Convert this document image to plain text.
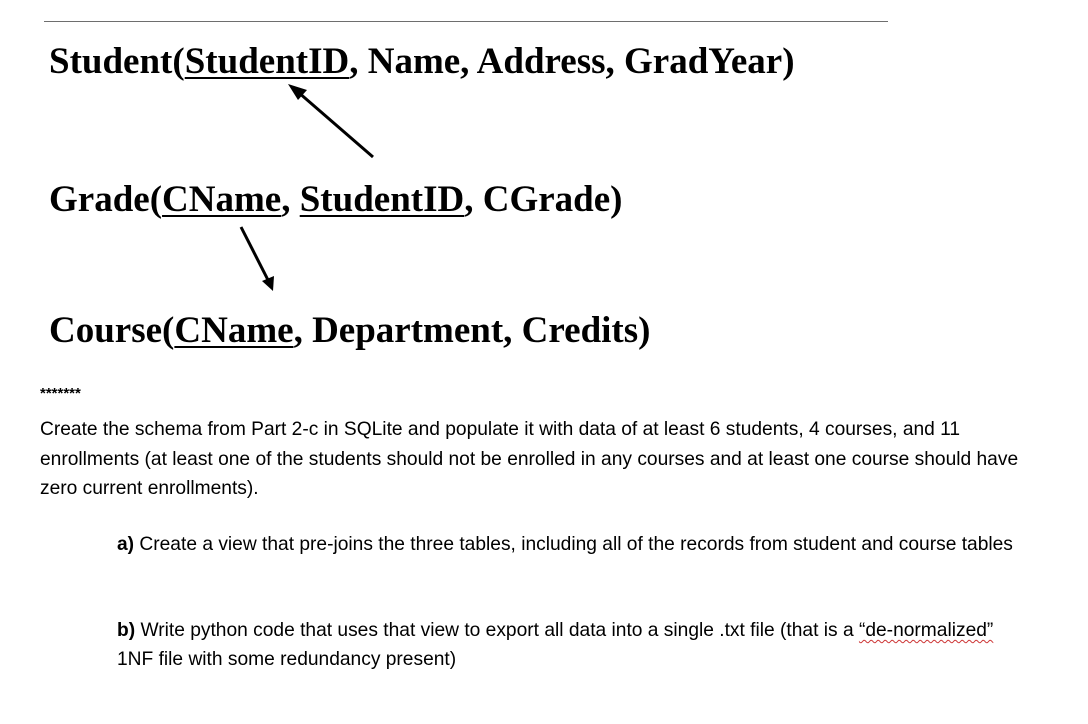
Student(StudentID, Name, Address, GradYear)

Grade(CName, StudentID, CGrade)

Course(CName, Department, Credits)

*******

Create the schema from Part 2-c in SQLite and populate it with data of at least 6 students, 4 courses, and 11 enrollments (at least one of the students should not be enrolled in any courses and at least one course should have zero current enrollments).

a) Create a view that pre-joins the three tables, including all of the records from student and course tables

b) Write python code that uses that view to export all data into a single .txt file (that is a “de-normalized” 1NF file with some redundancy present)
